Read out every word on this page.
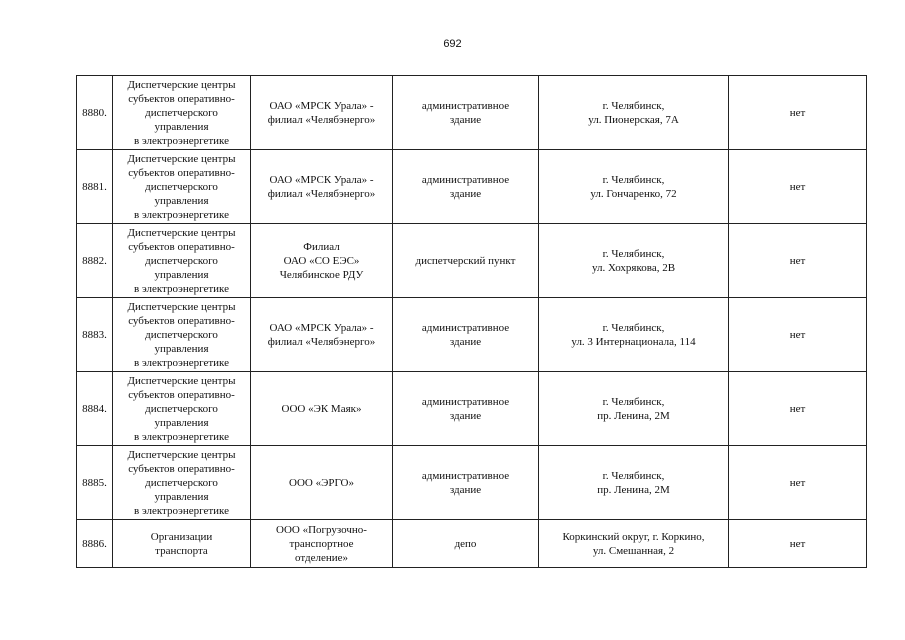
692
8880.	Диспетчерские центры
субъектов оперативно-
диспетчерского
управления
в электроэнергетике	ОАО «МРСК Урала» -
филиал «Челябэнерго»	административное
здание	г. Челябинск,
ул. Пионерская, 7А	нет
8881.	Диспетчерские центры
субъектов оперативно-
диспетчерского
управления
в электроэнергетике	ОАО «МРСК Урала» -
филиал «Челябэнерго»	административное
здание	г. Челябинск,
ул. Гончаренко, 72	нет
8882.	Диспетчерские центры
субъектов оперативно-
диспетчерского
управления
в электроэнергетике	Филиал
ОАО «СО ЕЭС»
Челябинское РДУ	диспетчерский пункт	г. Челябинск,
ул. Хохрякова, 2В	нет
8883.	Диспетчерские центры
субъектов оперативно-
диспетчерского
управления
в электроэнергетике	ОАО «МРСК Урала» -
филиал «Челябэнерго»	административное
здание	г. Челябинск,
ул. 3 Интернационала, 114	нет
8884.	Диспетчерские центры
субъектов оперативно-
диспетчерского
управления
в электроэнергетике	ООО «ЭК Маяк»	административное
здание	г. Челябинск,
пр. Ленина, 2М	нет
8885.	Диспетчерские центры
субъектов оперативно-
диспетчерского
управления
в электроэнергетике	ООО «ЭРГО»	административное
здание	г. Челябинск,
пр. Ленина, 2М	нет
8886.	Организации
транспорта	ООО «Погрузочно-
транспортное
отделение»	депо	Коркинский округ, г. Коркино,
ул. Смешанная, 2	нет
